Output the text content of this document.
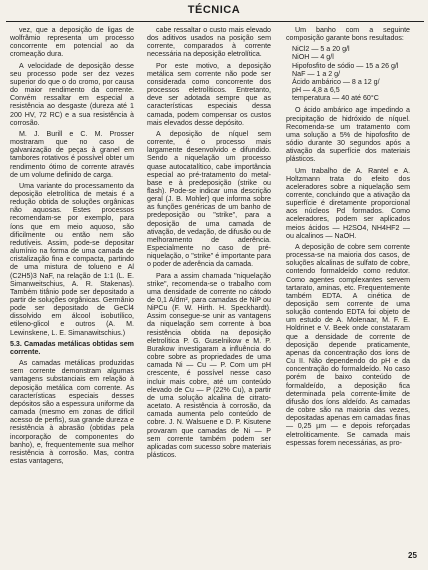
TÉCNICA

vez, que a deposição de ligas de wolfrâmio representa um processo concorrente em potencial ao da cromeação dura.

A velocidade de deposição desse seu processo pode ser dez vezes superior do que o do cromo, por causa do maior rendimento da corrente. Convém ressaltar em especial a resistência ao desgaste (dureza até 1 200 HV, 72 RC) e a sua resistência à corrosão.

M. J. Burill e C. M. Prosser mostraram que no caso de galvanização de peças à granel em tambores rotativos é possível obter um rendimento ótimo de corrente através de um volume definido de carga.

Uma variante do processamento da deposição eletrolítica de metais é a redução obtida de soluções orgânicas não aquosas. Estes processos recomendam-se por exemplo, para íons que em meio aquoso, são dificilmente ou então nem são redutíveis. Assim, pode-se depositar alumínio na forma de uma camada de cristalização fina e compacta, partindo de uma mistura de tolueno e Al (C2H5)3 NaF, na relação de 1:1 (L. E. Simanweitschius, A. R. Stakenas). Também titânio pode ser depositado a partir de soluções orgânicas. Germânio pode ser depositado de GeCl4 dissolvido em álcool isobutílico, etileno-glicol e outros (A. M. Lewinskene, L. E. Simanawitschius.)

5.3. Camadas metálicas obtidas sem corrente.

As camadas metálicas produzidas sem corrente demonstram algumas vantagens substanciais em relação à deposição metálica com corrente. As características especiais desses depósitos são a espessura uniforme da camada (mesmo em zonas de difícil acesso de perfis), sua grande dureza e resistência à abrasão (obtidas pela incorporação de componentes do banho), e, frequentemente sua melhor resistência à corrosão. Mas, contra estas vantagens,

cabe ressaltar o custo mais elevado dos aditivos usados na posição sem corrente, comparados à corrente necessária na deposição eletrolítica.

Por este motivo, a deposição metálica sem corrente não pode ser considerada como concorrente dos processos eletrolíticos. Entretanto, deve ser adotada sempre que as características especiais dessa camada, podem compensar os custos mais elevados desse depósito.

A deposição de níquel sem corrente, é o processo mais largamente desenvolvido e difundido. Sendo a niquelação um processo quase autocatalítico, cabe importância especial ao pré-tratamento do metal-base e à predeposição (strike ou flash). Pode-se indicar uma descrição geral (J. B. Mohler) que informa sobre as funções genéricas de um banho de predeposição ou "strike", para a deposição de uma camada de ativação, de vedação, de difusão ou de melhoramento de aderência. Especialmente no caso de pré-niquelação, o "strike" é importante para o poder de aderência da camada.

Para a assim chamada "niquelação strike", recomenda-se o trabalho com uma densidade de corrente no cátodo de 0,1 A/dm², para camadas de NiP ou NiPCu (F. W. Hirth. H. Speckhardt). Assim consegue-se unir as vantagens da niquelação sem corrente à boa resistência obtida na deposição eletrolítica P. G. Guselnikow e M. P. Burakow investigaram a influência do cobre sobre as propriedades de uma camada Ni — Cu — P. Com um pH crescente, é possível nesse caso incluir mais cobre, até um conteúdo elevado de Cu — P (22% Cu), a partir de uma solução alcalina de citrato-acetato. A resistência à corrosão, da camada aumenta pelo conteúdo de cobre. J. N. Walsuene e D. P. Kisutene provaram que camadas de Ni — P sem corrente também podem ser aplicadas com sucesso sobre materiais plásticos.

Um banho com a seguinte composição garante bons resultados:

NiCl2 — 5 a 20 g/l

NiOH — 4 g/l

Hipofosfito de sódio — 15 a 26 g/l

NaF — 1 a 2 g/

Ácido ambárico — 8 a 12 g/

pH — 4,8 a 6,5

temperatura — 40 até 60°C

O ácido ambárico age impedindo a precipitação de hidróxido de níquel. Recomenda-se um tratamento com uma solução a 5% de hipofosfito de sódio durante 30 segundos após a ativação da superfície dos materiais plásticos.

Um trabalho de A. Rantel e A. Holtzmann trata do efeito dos aceleradores sobre a niquelação sem corrente, concluindo que a ativação da superfície é diretamente proporcional aos núcleos Pd formados. Como aceleradores, podem ser aplicados meios ácidos — H2SO4, NH4HF2 — ou alcalinos — NaOH.

A deposição de cobre sem corrente processa-se na maioria dos casos, de soluções alcalinas de sulfato de cobre, contendo formaldeído como redutor. Como agentes complexantes servem tartarato, aminas, etc. Frequentemente também EDTA. A cinética de deposição sem corrente de uma solução contendo EDTA foi objeto de um estudo de A. Molenaar, M. F. E. Holdrinet e V. Beek onde constataram que a densidade de corrente de deposição depende praticamente, apenas da concentração dos íons de Cu II. Não dependendo do pH e da concentração do formaldeído. No caso porém de baixo conteúdo de formaldeído, a deposição fica determinada pela corrente-limite de difusão dos íons aldeído. As camadas de cobre são na maioria das vezes, depositadas apenas em camadas finas — 0,25 µm — e depois reforçadas eletroliticamente. Se camada mais espessas forem necessárias, as pro-

25
